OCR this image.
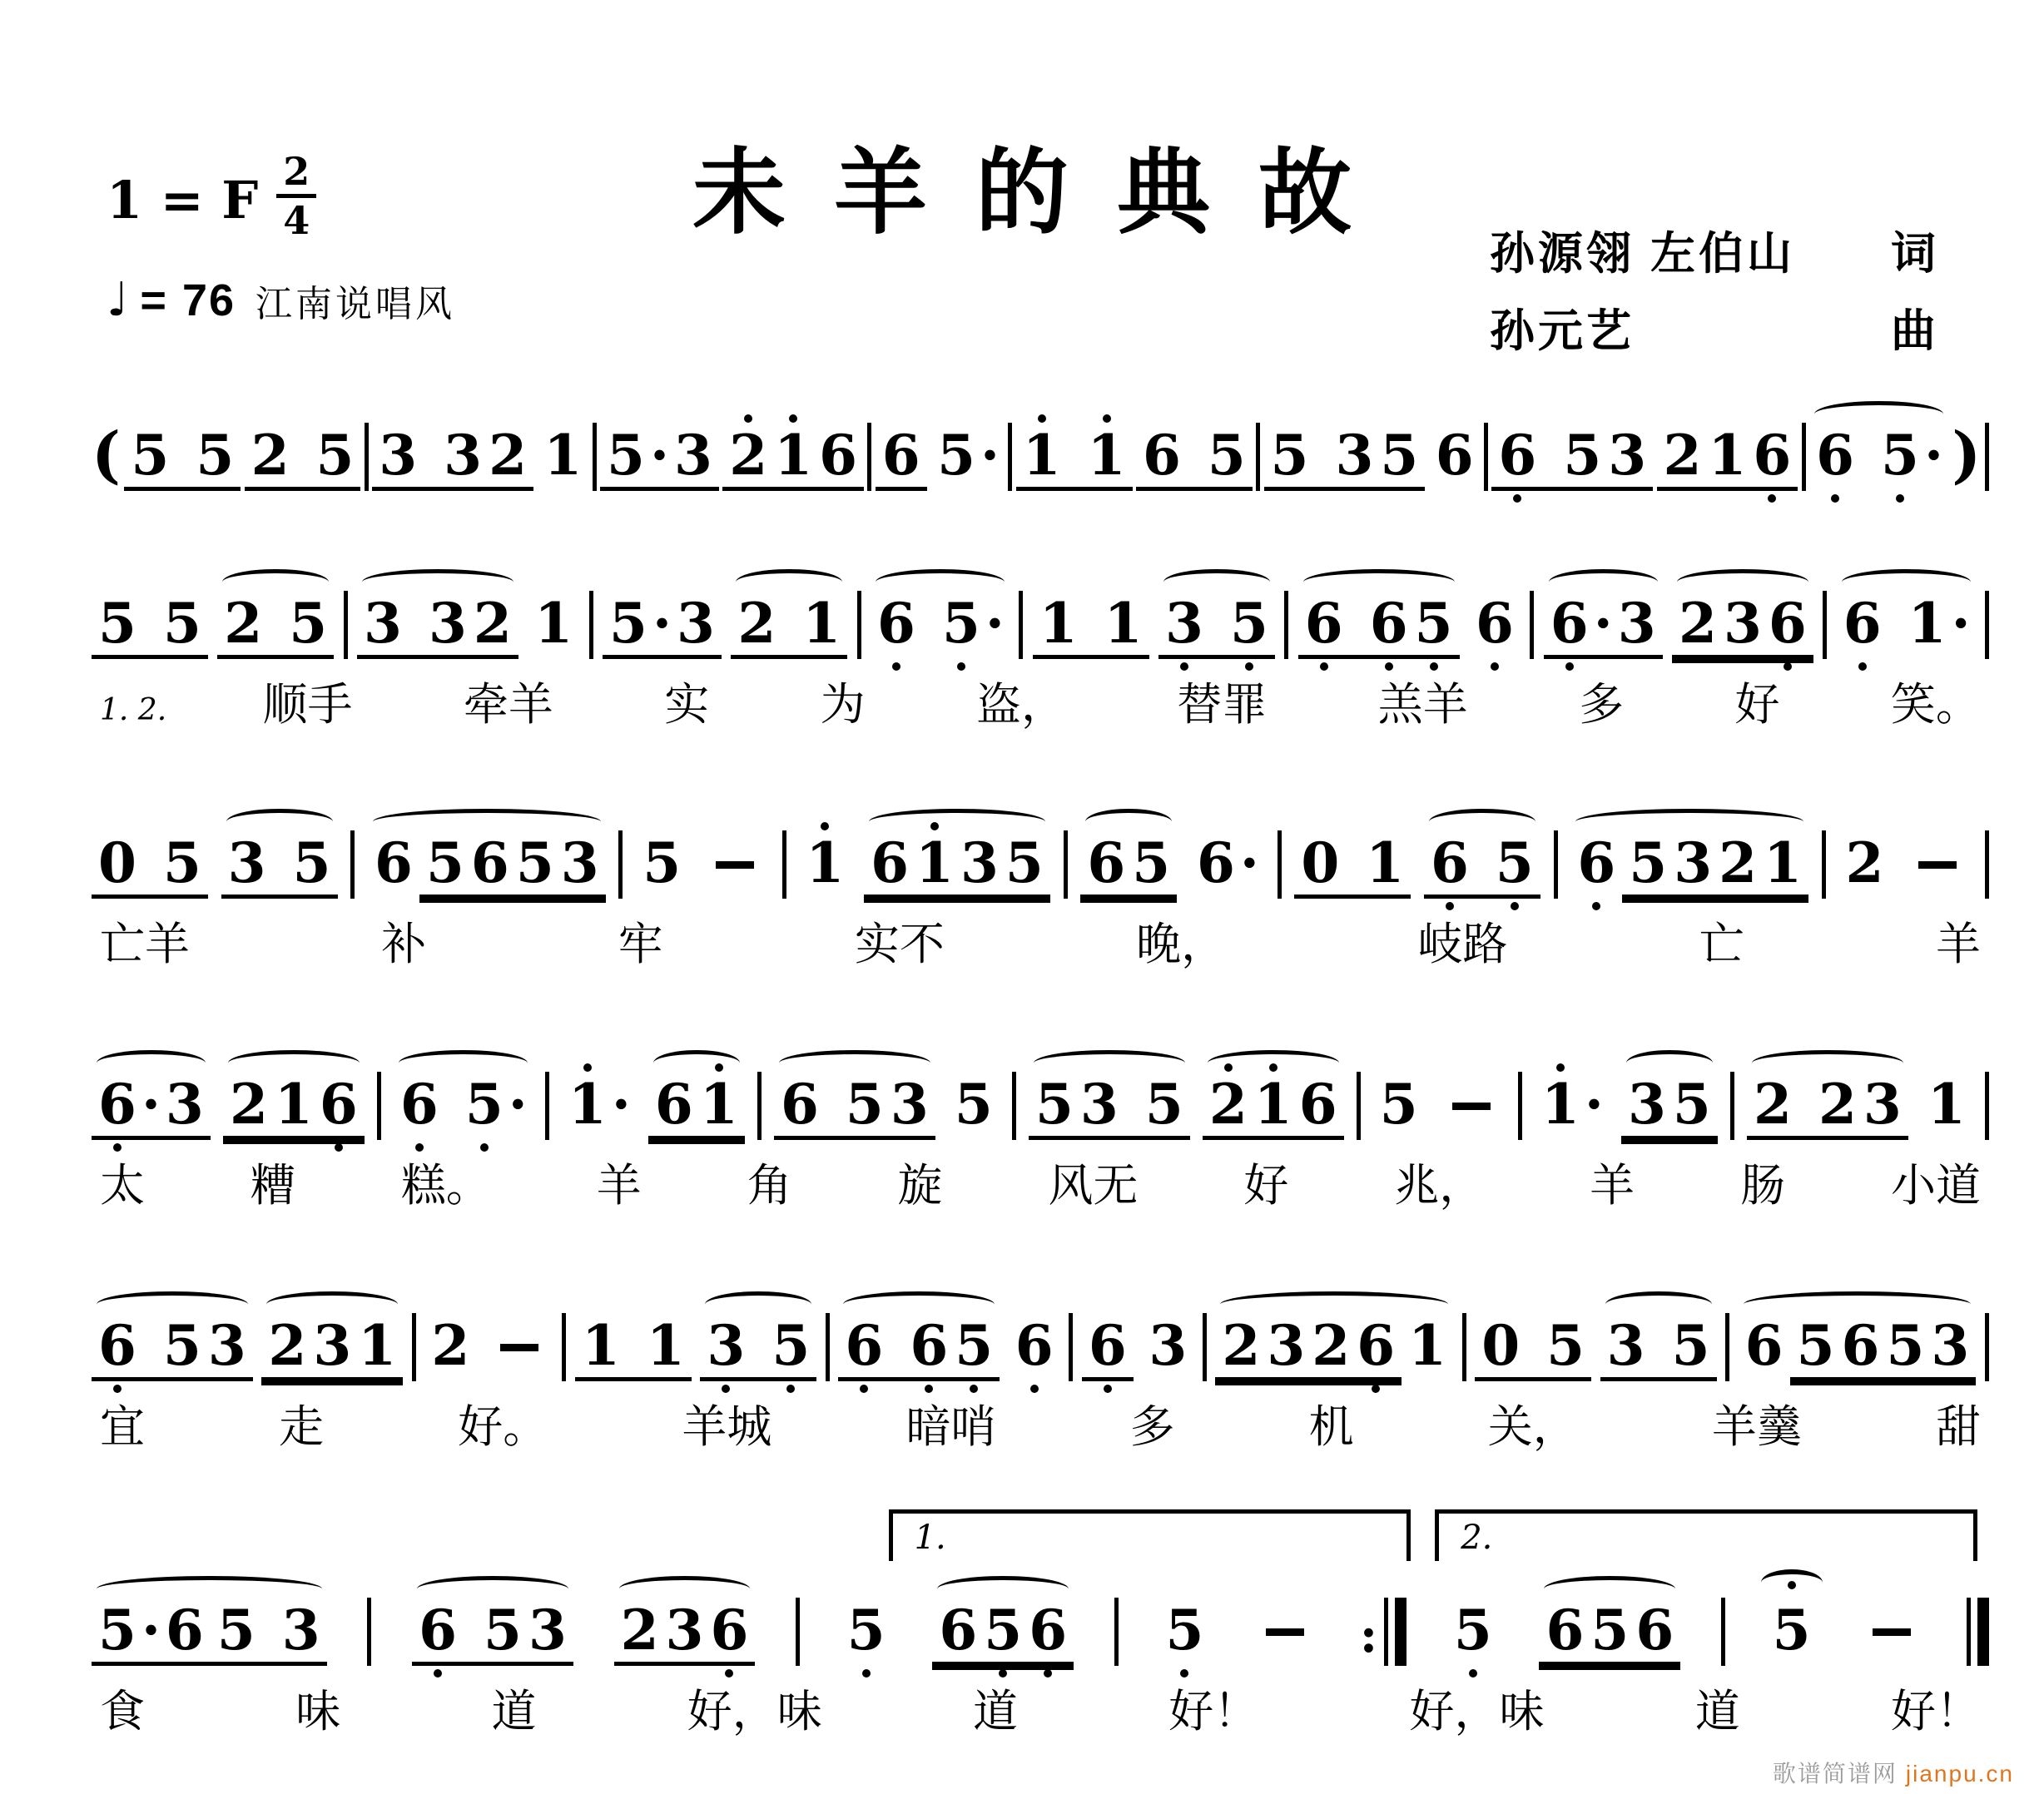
1 = F $\frac{2}{4}$
♩ = 76 江南说唱风
未羊的典故
孙源翎 左伯山 词
孙元艺	曲
( 5 5 2 5 3 3 2 1 5 · 3 2 1 6 6 5 · 1 1 6 5 5 3 5 6 6 5 3 2 1 6 6 5 · )
5 5 2 5 3 3 2 1 5 · 3 2 1 6 5 · 1 1 3 5 6 6 5 6 6 · 3 2 3 6 6 1 ·
1. 2. 顺手 牵羊 实 为 盗， 替罪 羔羊 多 好 笑。
0 5 3 5 6 5 6 5 3 5 1 6 1 3 5 6 5 6 · 0 1 6 5 6 5 3 2 1 2
亡羊	补	牢	实不	晚，	岐路	亡	羊
6 · 3 2 1 6 6 5 · 1 · 6 1 6 5 3 5 5 3 5 2 1 6 5 1 · 3 5 2 2 3 1
太 糟 糕。 羊 角 旋 风无 好 兆， 羊 肠 小道
6 5 3 2 3 1 2 1 1 3 5 6 6 5 6 6 3 2 3 2 6 1 0 5 3 5 6 5 6 5 3
宜	走	好。	羊城	暗哨	多	机	关，	羊羹	甜
1.	2.
5 · 6 5 3 6 5 3 2 3 6 5 6 5 6 5	: 5 6 5 6 5
食	味	道	好，味	道	好！	好，味	道	好！
歌谱简谱网 jianpu.cn
